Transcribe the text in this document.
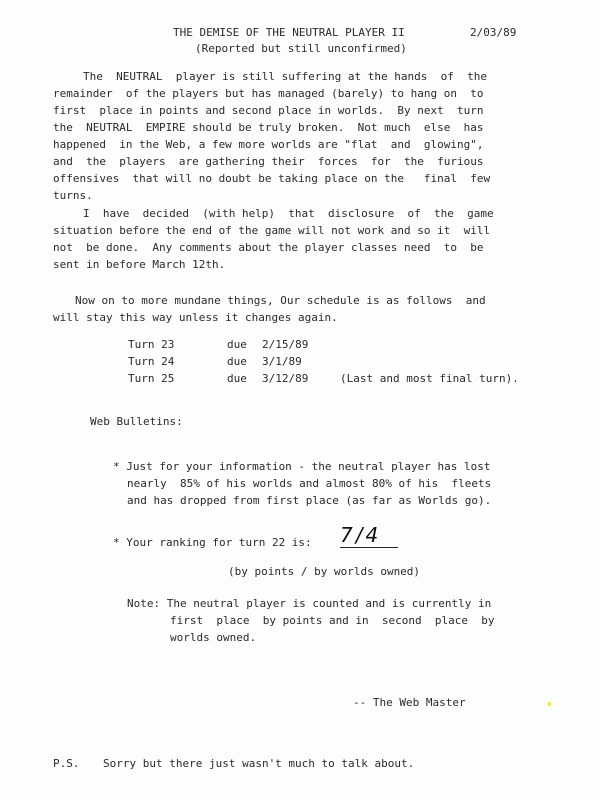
THE DEMISE OF THE NEUTRAL PLAYER II	2/03/89
(Reported but still unconfirmed)
The  NEUTRAL  player is still suffering at the hands  of  the
remainder  of the players but has managed (barely) to hang on  to
first  place in points and second place in worlds.  By next  turn
the  NEUTRAL  EMPIRE should be truly broken.  Not much  else  has
happened  in the Web, a few more worlds are "flat  and  glowing",
and  the  players  are gathering their  forces  for  the  furious
offensives  that will no doubt be taking place on the   final  few
turns.
I  have  decided  (with help)  that  disclosure  of  the  game
situation before the end of the game will not work and so it  will
not  be done.  Any comments about the player classes need  to  be
sent in before March 12th.
Now on to more mundane things, Our schedule is as follows  and
will stay this way unless it changes again.
Turn 23	due 2/15/89
Turn 24	due 3/1/89
Turn 25	due 3/12/89	(Last and most final turn).
Web Bulletins:
* Just for your information - the neutral player has lost
nearly  85% of his worlds and almost 80% of his  fleets
and has dropped from first place (as far as Worlds go).
* Your ranking for turn 22 is: 7/4
(by points / by worlds owned)
Note: The neutral player is counted and is currently in
first  place  by points and in  second  place  by
worlds owned.
-- The Web Master
P.S. Sorry but there just wasn't much to talk about.
